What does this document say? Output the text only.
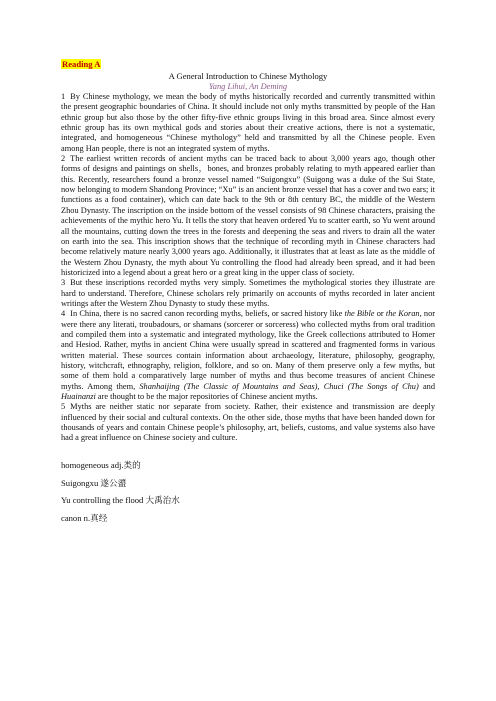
Reading A
A General Introduction to Chinese Mythology
Yang Lihui, An Deming

1 By Chinese mythology, we mean the body of myths historically recorded and currently transmitted within the present geographic boundaries of China. It should include not only myths transmitted by people of the Han ethnic group but also those by the other fifty-five ethnic groups living in this broad area. Since almost every ethnic group has its own mythical gods and stories about their creative actions, there is not a systematic, integrated, and homogeneous “Chinese mythology” held and transmitted by all the Chinese people. Even among Han people, there is not an integrated system of myths.

2 The earliest written records of ancient myths can be traced back to about 3,000 years ago, though other forms of designs and paintings on shells，bones, and bronzes probably relating to myth appeared earlier than this. Recently, researchers found a bronze vessel named “Suigongxu” (Suigong was a duke of the Sui State, now belonging to modern Shandong Province; “Xu” is an ancient bronze vessel that has a cover and two ears; it functions as a food container), which can date back to the 9th or 8th century BC, the middle of the Western Zhou Dynasty. The inscription on the inside bottom of the vessel consists of 98 Chinese characters, praising the achievements of the mythic hero Yu. It tells the story that heaven ordered Yu to scatter earth, so Yu went around all the mountains, cutting down the trees in the forests and deepening the seas and rivers to drain all the water on earth into the sea. This inscription shows that the technique of recording myth in Chinese characters had become relatively mature nearly 3,000 years ago. Additionally, it illustrates that at least as late as the middle of the Western Zhou Dynasty, the myth about Yu controlling the flood had already been spread, and it had been historicized into a legend about a great hero or a great king in the upper class of society.

3 But these inscriptions recorded myths very simply. Sometimes the mythological stories they illustrate are hard to understand. Therefore, Chinese scholars rely primarily on accounts of myths recorded in later ancient writings after the Western Zhou Dynasty to study these myths.

4 In China, there is no sacred canon recording myths, beliefs, or sacred history like the Bible or the Koran, nor were there any literati, troubadours, or shamans (sorcerer or sorceress) who collected myths from oral tradition and compiled them into a systematic and integrated mythology, like the Greek collections attributed to Homer and Hesiod. Rather, myths in ancient China were usually spread in scattered and fragmented forms in various written material. These sources contain information about archaeology, literature, philosophy, geography, history, witchcraft, ethnography, religion, folklore, and so on. Many of them preserve only a few myths, but some of them hold a comparatively large number of myths and thus become treasures of ancient Chinese myths. Among them, Shanhaijing (The Classic of Mountains and Seas), Chuci (The Songs of Chu) and Huainanzi are thought to be the major repositories of Chinese ancient myths.

5 Myths are neither static nor separate from society. Rather, their existence and transmission are deeply influenced by their social and cultural contexts. On the other side, those myths that have been handed down for thousands of years and contain Chinese people’s philosophy, art, beliefs, customs, and value systems also have had a great influence on Chinese society and culture.

homogeneous adj.类的
Suigongxu 遂公盨
Yu controlling the flood 大禹治水
canon n.真经
